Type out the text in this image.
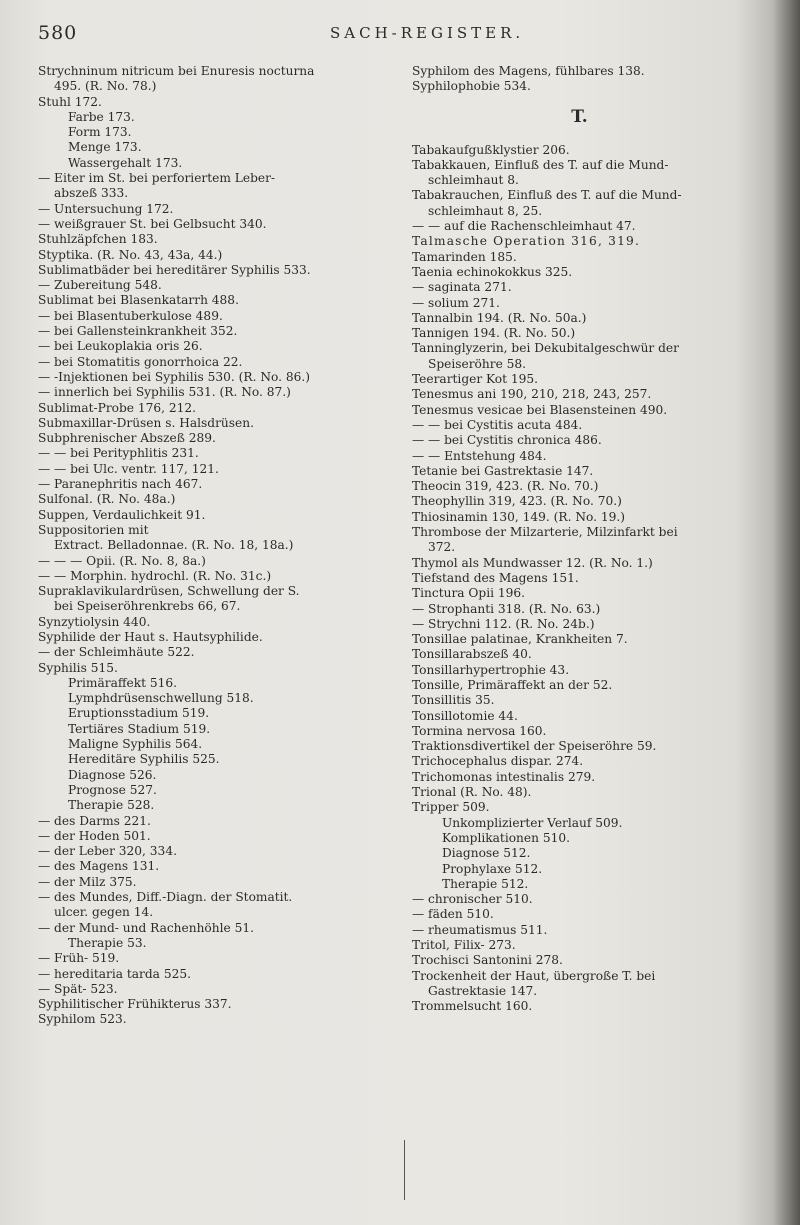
580	SACH-REGISTER.
Strychninum nitricum bei Enuresis nocturna
495. (R. No. 78.)
Stuhl 172.
Farbe 173.
Form 173.
Menge 173.
Wassergehalt 173.
— Eiter im St. bei perforiertem Leber-
abszeß 333.
— Untersuchung 172.
— weißgrauer St. bei Gelbsucht 340.
Stuhlzäpfchen 183.
Styptika. (R. No. 43, 43a, 44.)
Sublimatbäder bei hereditärer Syphilis 533.
— Zubereitung 548.
Sublimat bei Blasenkatarrh 488.
— bei Blasentuberkulose 489.
— bei Gallensteinkrankheit 352.
— bei Leukoplakia oris 26.
— bei Stomatitis gonorrhoica 22.
— -Injektionen bei Syphilis 530. (R. No. 86.)
— innerlich bei Syphilis 531. (R. No. 87.)
Sublimat-Probe 176, 212.
Submaxillar-Drüsen s. Halsdrüsen.
Subphrenischer Abszeß 289.
— — bei Perityphlitis 231.
— — bei Ulc. ventr. 117, 121.
— Paranephritis nach 467.
Sulfonal. (R. No. 48a.)
Suppen, Verdaulichkeit 91.
Suppositorien mit
Extract. Belladonnae. (R. No. 18, 18a.)
— — — Opii. (R. No. 8, 8a.)
— — Morphin. hydrochl. (R. No. 31c.)
Supraklavikulardrüsen, Schwellung der S.
bei Speiseröhrenkrebs 66, 67.
Synzytiolysin 440.
Syphilide der Haut s. Hautsyphilide.
— der Schleimhäute 522.
Syphilis 515.
Primäraffekt 516.
Lymphdrüsenschwellung 518.
Eruptionsstadium 519.
Tertiäres Stadium 519.
Maligne Syphilis 564.
Hereditäre Syphilis 525.
Diagnose 526.
Prognose 527.
Therapie 528.
— des Darms 221.
— der Hoden 501.
— der Leber 320, 334.
— des Magens 131.
— der Milz 375.
— des Mundes, Diff.-Diagn. der Stomatit.
ulcer. gegen 14.
— der Mund- und Rachenhöhle 51.
Therapie 53.
— Früh- 519.
— hereditaria tarda 525.
— Spät- 523.
Syphilitischer Frühikterus 337.
Syphilom 523.
Syphilom des Magens, fühlbares 138.
Syphilophobie 534.
T.
Tabakaufgußklystier 206.
Tabakkauen, Einfluß des T. auf die Mund-
schleimhaut 8.
Tabakrauchen, Einfluß des T. auf die Mund-
schleimhaut 8, 25.
— — auf die Rachenschleimhaut 47.
Talmasche Operation 316, 319.
Tamarinden 185.
Taenia echinokokkus 325.
— saginata 271.
— solium 271.
Tannalbin 194. (R. No. 50a.)
Tannigen 194. (R. No. 50.)
Tanninglyzerin, bei Dekubitalgeschwür der
Speiseröhre 58.
Teerartiger Kot 195.
Tenesmus ani 190, 210, 218, 243, 257.
Tenesmus vesicae bei Blasensteinen 490.
— — bei Cystitis acuta 484.
— — bei Cystitis chronica 486.
— — Entstehung 484.
Tetanie bei Gastrektasie 147.
Theocin 319, 423. (R. No. 70.)
Theophyllin 319, 423. (R. No. 70.)
Thiosinamin 130, 149. (R. No. 19.)
Thrombose der Milzarterie, Milzinfarkt bei
372.
Thymol als Mundwasser 12. (R. No. 1.)
Tiefstand des Magens 151.
Tinctura Opii 196.
— Strophanti 318. (R. No. 63.)
— Strychni 112. (R. No. 24b.)
Tonsillae palatinae, Krankheiten 7.
Tonsillarabszeß 40.
Tonsillarhypertrophie 43.
Tonsille, Primäraffekt an der 52.
Tonsillitis 35.
Tonsillotomie 44.
Tormina nervosa 160.
Traktionsdivertikel der Speiseröhre 59.
Trichocephalus dispar. 274.
Trichomonas intestinalis 279.
Trional (R. No. 48).
Tripper 509.
Unkomplizierter Verlauf 509.
Komplikationen 510.
Diagnose 512.
Prophylaxe 512.
Therapie 512.
— chronischer 510.
— fäden 510.
— rheumatismus 511.
Tritol, Filix- 273.
Trochisci Santonini 278.
Trockenheit der Haut, übergroße T. bei
Gastrektasie 147.
Trommelsucht 160.
